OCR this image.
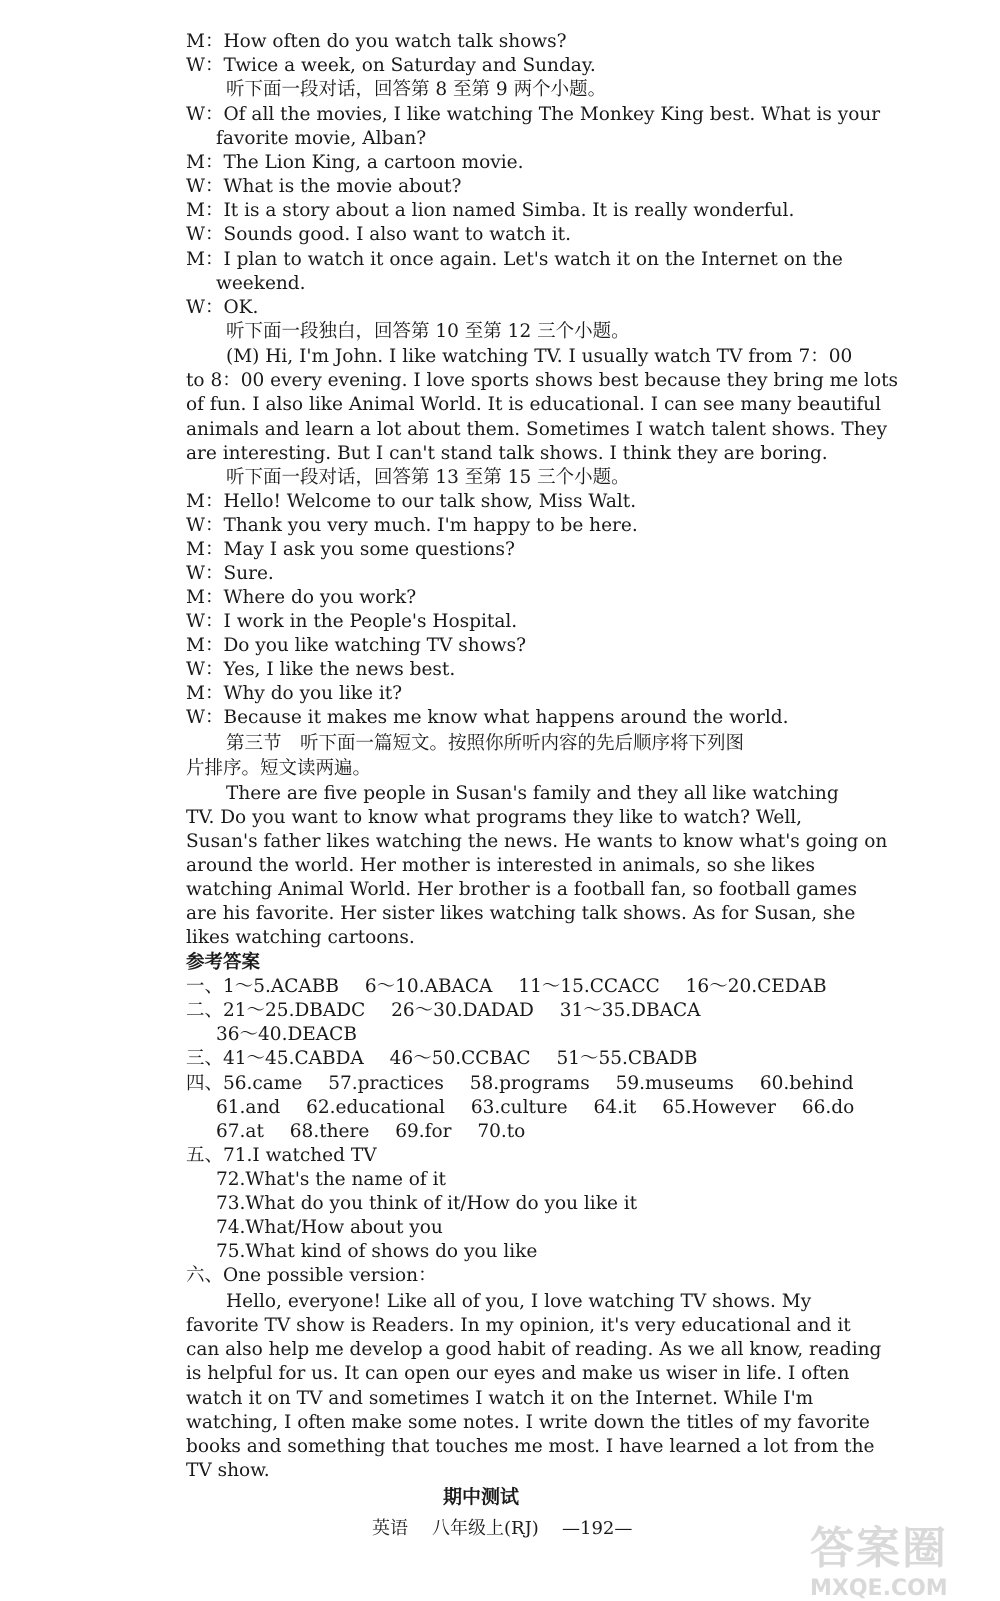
M：How often do you watch talk shows?
W：Twice a week, on Saturday and Sunday.
听下面一段对话，回答第 8 至第 9 两个小题。
W：Of all the movies, I like watching The Monkey King best. What is your
favorite movie, Alban?
M：The Lion King, a cartoon movie.
W：What is the movie about?
M：It is a story about a lion named Simba. It is really wonderful.
W：Sounds good. I also want to watch it.
M：I plan to watch it once again. Let's watch it on the Internet on the
weekend.
W：OK.
听下面一段独白，回答第 10 至第 12 三个小题。
(M) Hi, I'm John. I like watching TV. I usually watch TV from 7：00
to 8：00 every evening. I love sports shows best because they bring me lots
of fun. I also like Animal World. It is educational. I can see many beautiful
animals and learn a lot about them. Sometimes I watch talent shows. They
are interesting. But I can't stand talk shows. I think they are boring.
听下面一段对话，回答第 13 至第 15 三个小题。
M：Hello! Welcome to our talk show, Miss Walt.
W：Thank you very much. I'm happy to be here.
M：May I ask you some questions?
W：Sure.
M：Where do you work?
W：I work in the People's Hospital.
M：Do you like watching TV shows?
W：Yes, I like the news best.
M：Why do you like it?
W：Because it makes me know what happens around the world.
第三节　听下面一篇短文。按照你所听内容的先后顺序将下列图
片排序。短文读两遍。
There are five people in Susan's family and they all like watching
TV. Do you want to know what programs they like to watch? Well,
Susan's father likes watching the news. He wants to know what's going on
around the world. Her mother is interested in animals, so she likes
watching Animal World. Her brother is a football fan, so football games
are his favorite. Her sister likes watching talk shows. As for Susan, she
likes watching cartoons.
参考答案
一、1～5.ACABB 6～10.ABACA 11～15.CCACC 16～20.CEDAB
二、21～25.DBADC 26～30.DADAD 31～35.DBACA
36～40.DEACB
三、41～45.CABDA 46～50.CCBAC 51～55.CBADB
四、56.came 57.practices 58.programs 59.museums 60.behind
61.and 62.educational 63.culture 64.it 65.However 66.do
67.at 68.there 69.for 70.to
五、71.I watched TV
72.What's the name of it
73.What do you think of it/How do you like it
74.What/How about you
75.What kind of shows do you like
六、One possible version：
Hello, everyone! Like all of you, I love watching TV shows. My
favorite TV show is Readers. In my opinion, it's very educational and it
can also help me develop a good habit of reading. As we all know, reading
is helpful for us. It can open our eyes and make us wiser in life. I often
watch it on TV and sometimes I watch it on the Internet. While I'm
watching, I often make some notes. I write down the titles of my favorite
books and something that touches me most. I have learned a lot from the
TV show.
期中测试
英语 八年级上(RJ) —192—	答案圈
MXQE.COM
